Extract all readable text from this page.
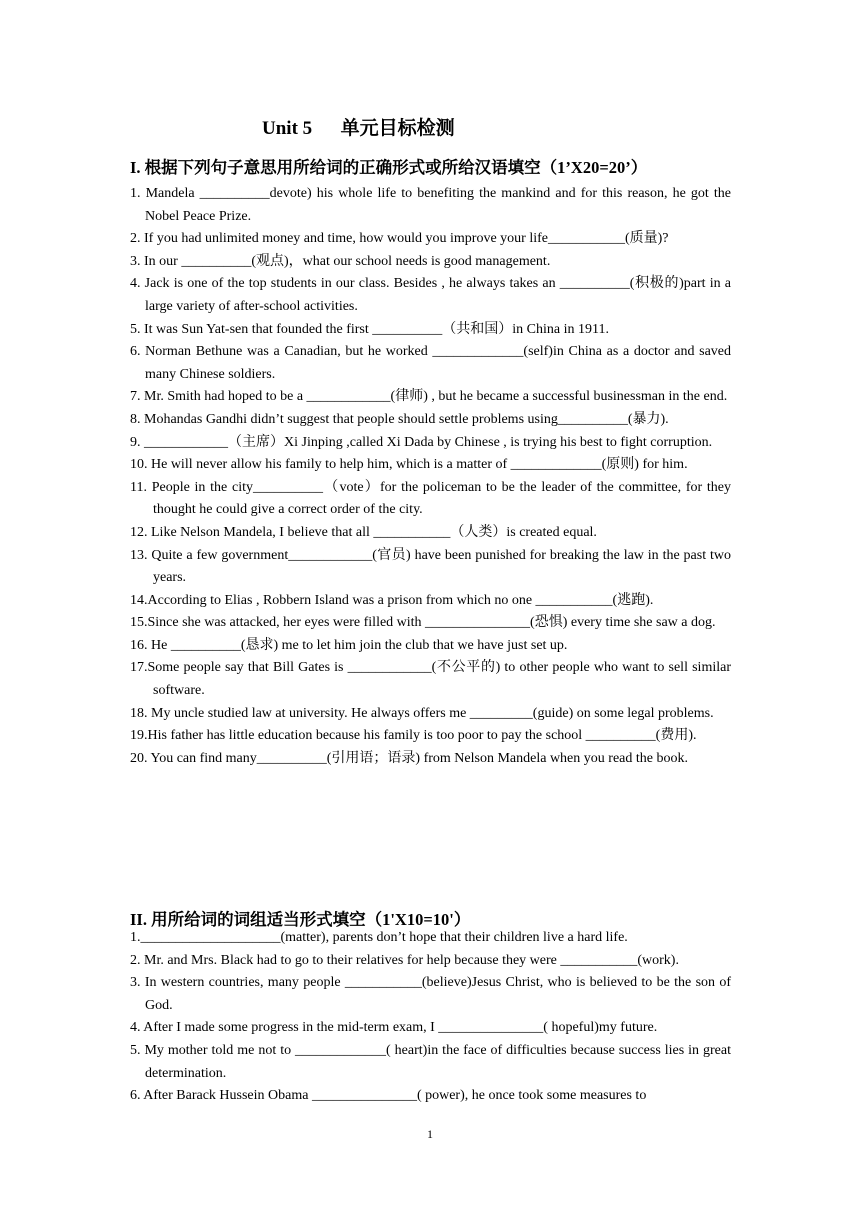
Unit 5      单元目标检测
I. 根据下列句子意思用所给词的正确形式或所给汉语填空（1’X20=20’）
1. Mandela __________devote) his whole life to benefiting the mankind and for this reason, he got the Nobel Peace Prize.
2. If you had unlimited money and time, how would you improve your life___________(质量)?
3. In our __________(观点)，what our school needs is good management.
4. Jack is one of the top students in our class. Besides , he always takes an __________(积极的)part in a large variety of after-school activities.
5. It was Sun Yat-sen that founded the first __________（共和国）in China in 1911.
6. Norman Bethune was a Canadian, but he worked _____________(self)in China as a doctor and saved many Chinese soldiers.
7. Mr. Smith had hoped to be a ____________(律师) , but he became a successful businessman in the end.
8. Mohandas Gandhi didn’t suggest that people should settle problems using__________(暴力).
9. ____________（主席）Xi Jinping ,called Xi Dada by Chinese , is trying his best to fight corruption.
10. He will never allow his family to help him, which is a matter of _____________(原则) for him.
11. People in the city__________（vote）for the policeman to be the leader of the committee, for they thought he could give a correct order of the city.
12. Like Nelson Mandela, I believe that all ___________（人类）is created equal.
13. Quite a few government____________(官员) have been punished for breaking the law in the past two years.
14.According to Elias , Robbern Island was a prison from which no one ___________(逃跑).
15.Since she was attacked, her eyes were filled with _______________(恐惧) every time she saw a dog.
16. He __________(恳求) me to let him join the club that we have just set up.
17.Some people say that Bill Gates is ____________(不公平的) to other people who want to sell similar software.
18. My uncle studied law at university. He always offers me _________(guide) on some legal problems.
19.His father has little education because his family is too poor to pay the school __________(费用).
20. You can find many__________(引用语；语录) from Nelson Mandela when you read the book.
II. 用所给词的词组适当形式填空（1'X10=10'）
1.____________________(matter), parents don’t hope that their children live a hard life.
2. Mr. and Mrs. Black had to go to their relatives for help because they were ___________(work).
3. In western countries, many people ___________(believe)Jesus Christ, who is believed to be the son of God.
4. After I made some progress in the mid-term exam, I _______________( hopeful)my future.
5. My mother told me not to _____________( heart)in the face of difficulties because success lies in great determination.
6. After Barack Hussein Obama _______________( power), he once took some measures to
1
